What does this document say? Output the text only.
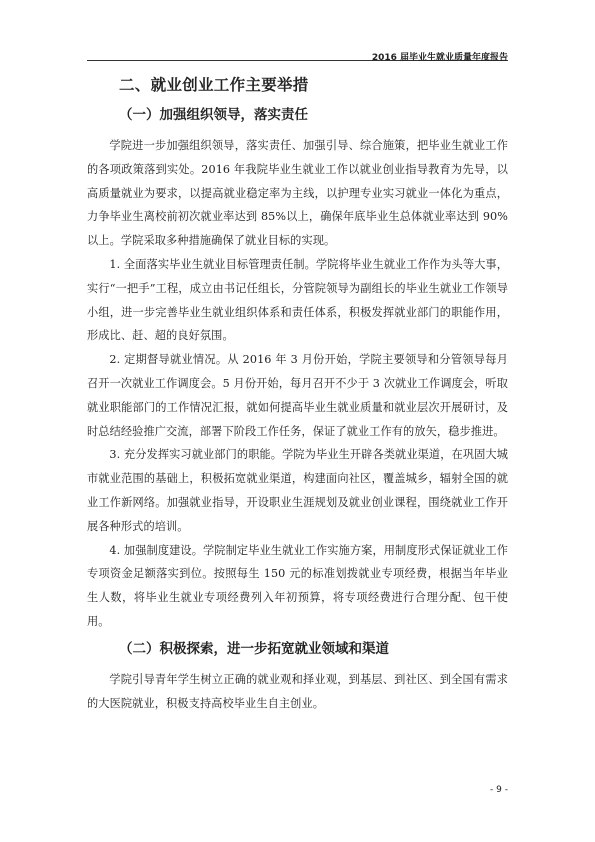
2016 届毕业生就业质量年度报告
二、就业创业工作主要举措
（一）加强组织领导，落实责任

学院进一步加强组织领导，落实责任、加强引导、综合施策，把毕业生就业工作的各项政策落到实处。2016 年我院毕业生就业工作以就业创业指导教育为先导，以高质量就业为要求，以提高就业稳定率为主线，以护理专业实习就业一体化为重点，力争毕业生离校前初次就业率达到 85%以上，确保年底毕业生总体就业率达到 90%以上。学院采取多种措施确保了就业目标的实现。

1. 全面落实毕业生就业目标管理责任制。学院将毕业生就业工作作为头等大事，实行“一把手”工程，成立由书记任组长，分管院领导为副组长的毕业生就业工作领导小组，进一步完善毕业生就业组织体系和责任体系，积极发挥就业部门的职能作用，形成比、赶、超的良好氛围。

2. 定期督导就业情况。从 2016 年 3 月份开始，学院主要领导和分管领导每月召开一次就业工作调度会。5 月份开始，每月召开不少于 3 次就业工作调度会，听取就业职能部门的工作情况汇报，就如何提高毕业生就业质量和就业层次开展研讨，及时总结经验推广交流，部署下阶段工作任务，保证了就业工作有的放矢，稳步推进。

3. 充分发挥实习就业部门的职能。学院为毕业生开辟各类就业渠道，在巩固大城市就业范围的基础上，积极拓宽就业渠道，构建面向社区，覆盖城乡，辐射全国的就业工作新网络。加强就业指导，开设职业生涯规划及就业创业课程，围绕就业工作开展各种形式的培训。

4. 加强制度建设。学院制定毕业生就业工作实施方案，用制度形式保证就业工作专项资金足额落实到位。按照每生 150 元的标准划拨就业专项经费，根据当年毕业生人数，将毕业生就业专项经费列入年初预算，将专项经费进行合理分配、包干使用。

（二）积极探索，进一步拓宽就业领域和渠道

学院引导青年学生树立正确的就业观和择业观，到基层、到社区、到全国有需求的大医院就业，积极支持高校毕业生自主创业。

- 9 -
